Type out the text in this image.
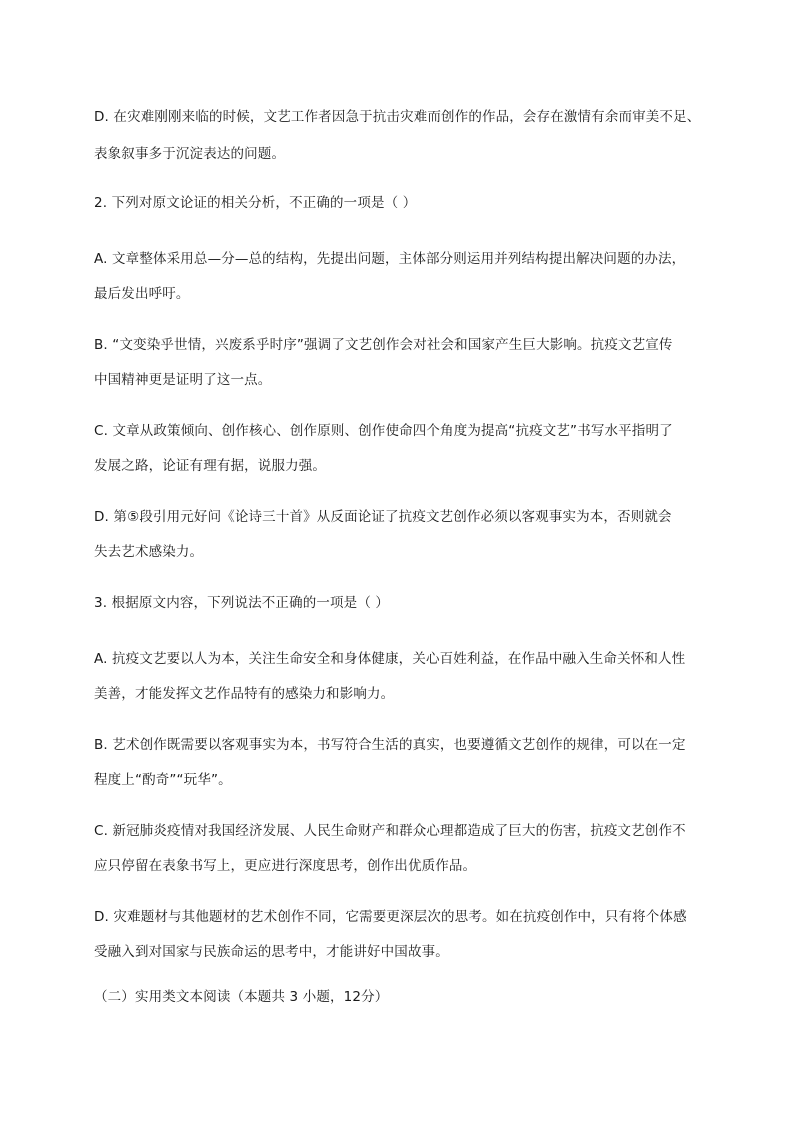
D. 在灾难刚刚来临的时候，文艺工作者因急于抗击灾难而创作的作品，会存在激情有余而审美不足、

表象叙事多于沉淀表达的问题。

2. 下列对原文论证的相关分析，不正确的一项是（ ）

A. 文章整体采用总—分—总的结构，先提出问题，主体部分则运用并列结构提出解决问题的办法，

最后发出呼吁。

B. “文变染乎世情，兴废系乎时序”强调了文艺创作会对社会和国家产生巨大影响。抗疫文艺宣传

中国精神更是证明了这一点。

C. 文章从政策倾向、创作核心、创作原则、创作使命四个角度为提高“抗疫文艺”书写水平指明了

发展之路，论证有理有据，说服力强。

D. 第⑤段引用元好问《论诗三十首》从反面论证了抗疫文艺创作必须以客观事实为本，否则就会

失去艺术感染力。

3. 根据原文内容，下列说法不正确的一项是（ ）

A. 抗疫文艺要以人为本，关注生命安全和身体健康，关心百姓利益，在作品中融入生命关怀和人性

美善，才能发挥文艺作品特有的感染力和影响力。

B. 艺术创作既需要以客观事实为本，书写符合生活的真实，也要遵循文艺创作的规律，可以在一定

程度上“酌奇”“玩华”。

C. 新冠肺炎疫情对我国经济发展、人民生命财产和群众心理都造成了巨大的伤害，抗疫文艺创作不

应只停留在表象书写上，更应进行深度思考，创作出优质作品。

D. 灾难题材与其他题材的艺术创作不同，它需要更深层次的思考。如在抗疫创作中，只有将个体感

受融入到对国家与民族命运的思考中，才能讲好中国故事。

（二）实用类文本阅读（本题共 3 小题，12分）
